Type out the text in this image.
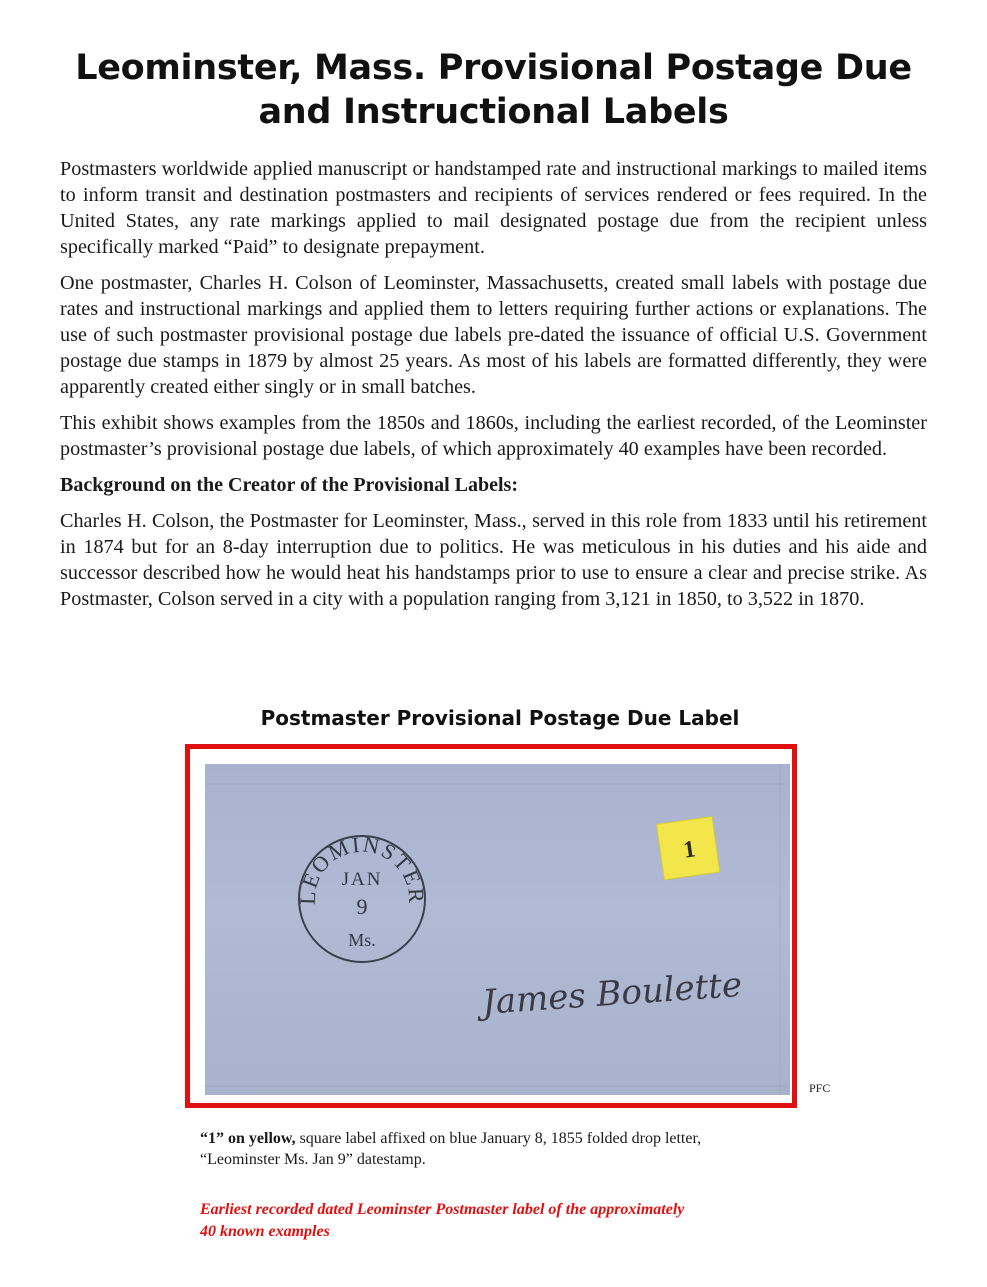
Leominster, Mass. Provisional Postage Due
and Instructional Labels

Postmasters worldwide applied manuscript or handstamped rate and instructional markings to mailed items to inform transit and destination postmasters and recipients of services rendered or fees required. In the United States, any rate markings applied to mail designated postage due from the recipient unless specifically marked “Paid” to designate prepayment.

One postmaster, Charles H. Colson of Leominster, Massachusetts, created small labels with postage due rates and instructional markings and applied them to letters requiring further actions or explanations. The use of such postmaster provisional postage due labels pre-dated the issuance of official U.S. Government postage due stamps in 1879 by almost 25 years. As most of his labels are formatted differently, they were apparently created either singly or in small batches.

This exhibit shows examples from the 1850s and 1860s, including the earliest recorded, of the Leominster postmaster’s provisional postage due labels, of which approximately 40 examples have been recorded.

Background on the Creator of the Provisional Labels:

Charles H. Colson, the Postmaster for Leominster, Mass., served in this role from 1833 until his retirement in 1874 but for an 8-day interruption due to politics. He was meticulous in his duties and his aide and successor described how he would heat his handstamps prior to use to ensure a clear and precise strike. As Postmaster, Colson served in a city with a population ranging from 3,121 in 1850, to 3,522 in 1870.

Postmaster Provisional Postage Due Label
LEOMINSTER
JAN
9
Ms.
1
James Boulette
PFC
“1” on yellow, square label affixed on blue January 8, 1855 folded drop letter,
“Leominster Ms. Jan 9” datestamp.
Earliest recorded dated Leominster Postmaster label of the approximately
40 known examples
